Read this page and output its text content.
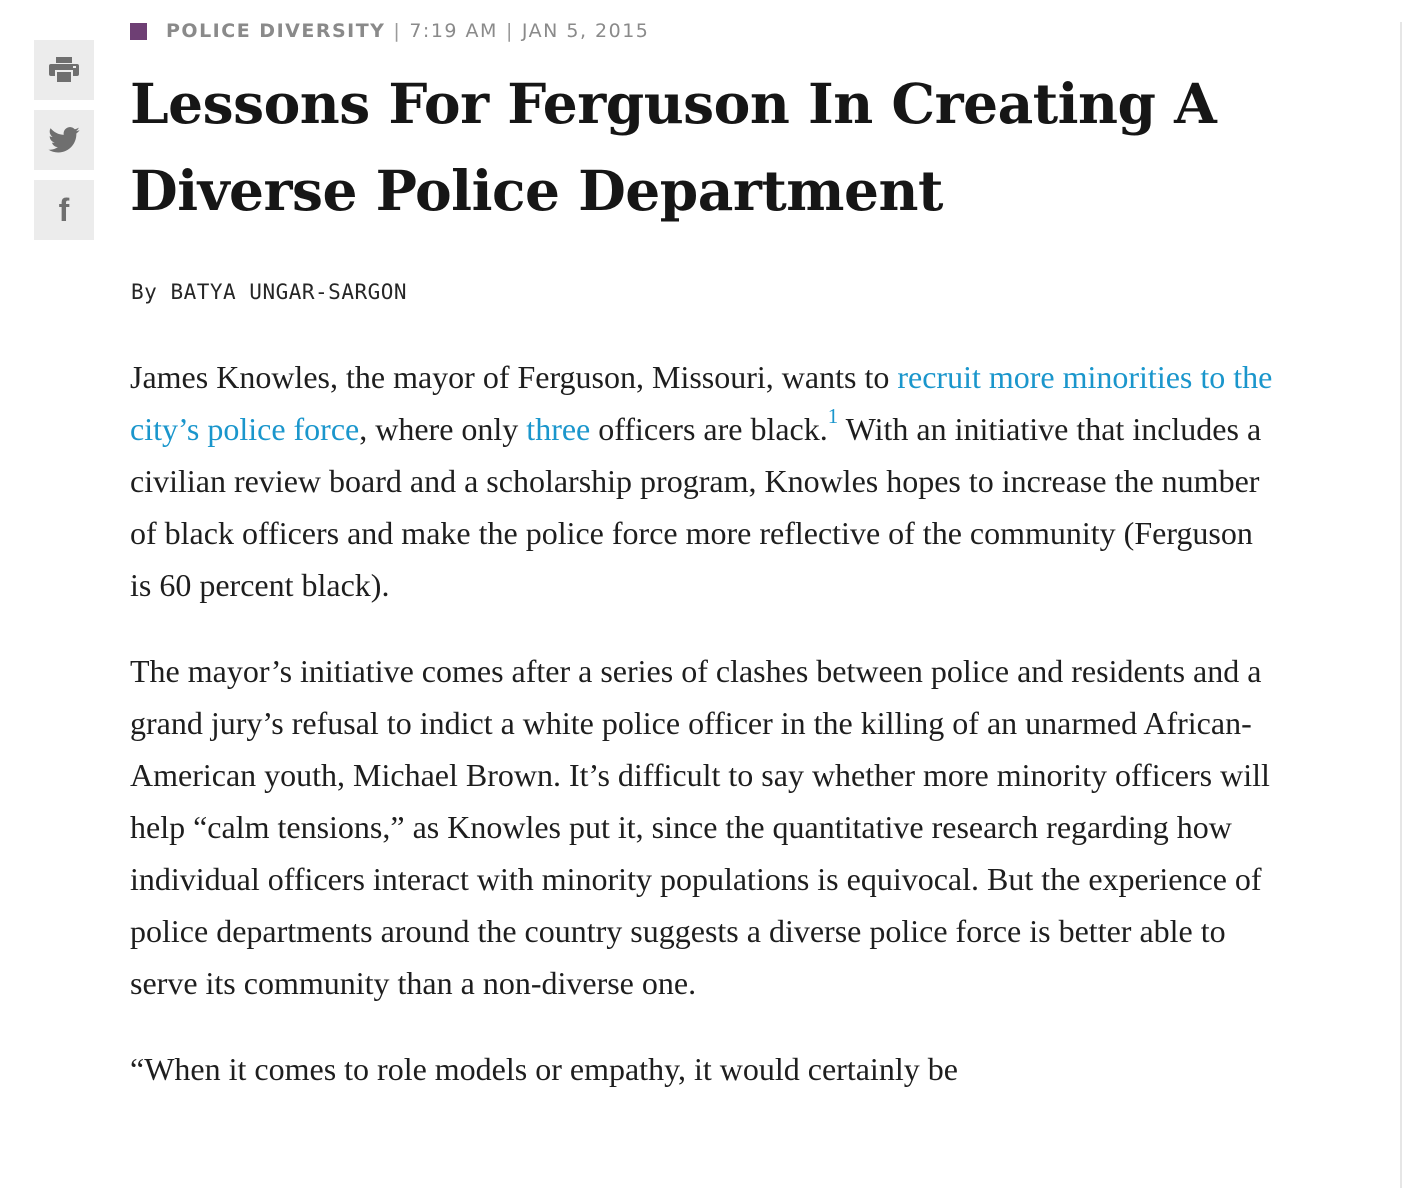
f
POLICE DIVERSITY | 7:19 AM | JAN 5, 2015
Lessons For Ferguson In Creating A
Diverse Police Department
By BATYA UNGAR-SARGON

James Knowles, the mayor of Ferguson, Missouri, wants to recruit more minorities to the city’s police force, where only three officers are black.$^1$ With an initiative that includes a civilian review board and a scholarship program, Knowles hopes to increase the number of black officers and make the police force more reflective of the community (Ferguson is 60 percent black).

The mayor’s initiative comes after a series of clashes between police and residents and a grand jury’s refusal to indict a white police officer in the killing of an unarmed African-American youth, Michael Brown. It’s difficult to say whether more minority officers will help “calm tensions,” as Knowles put it, since the quantitative research regarding how individual officers interact with minority populations is equivocal. But the experience of police departments around the country suggests a diverse police force is better able to serve its community than a non-diverse one.

“When it comes to role models or empathy, it would certainly be
